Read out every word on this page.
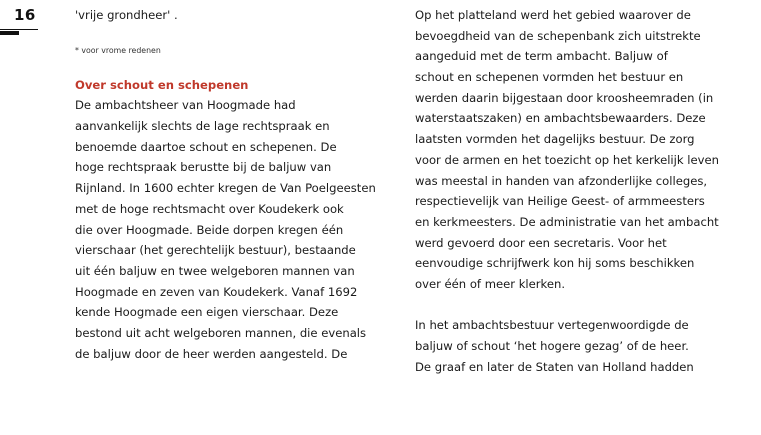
16	'vrije grondheer' .
* voor vrome redenen
Over schout en schepenen
De ambachtsheer van Hoogmade had
aanvankelijk slechts de lage rechtspraak en
benoemde daartoe schout en schepenen. De
hoge rechtspraak berustte bij de baljuw van
Rijnland. In 1600 echter kregen de Van Poelgeesten
met de hoge rechtsmacht over Koudekerk ook
die over Hoogmade. Beide dorpen kregen één
vierschaar (het gerechtelijk bestuur), bestaande
uit één baljuw en twee welgeboren mannen van
Hoogmade en zeven van Koudekerk. Vanaf 1692
kende Hoogmade een eigen vierschaar. Deze
bestond uit acht welgeboren mannen, die evenals
de baljuw door de heer werden aangesteld. De
Op het platteland werd het gebied waarover de
bevoegdheid van de schepenbank zich uitstrekte
aangeduid met de term ambacht. Baljuw of
schout en schepenen vormden het bestuur en
werden daarin bijgestaan door kroosheemraden (in
waterstaatszaken) en ambachtsbewaarders. Deze
laatsten vormden het dagelijks bestuur. De zorg
voor de armen en het toezicht op het kerkelijk leven
was meestal in handen van afzonderlijke colleges,
respectievelijk van Heilige Geest- of armmeesters
en kerkmeesters. De administratie van het ambacht
werd gevoerd door een secretaris. Voor het
eenvoudige schrijfwerk kon hij soms beschikken
over één of meer klerken.
In het ambachtsbestuur vertegenwoordigde de
baljuw of schout ‘het hogere gezag’ of de heer.
De graaf en later de Staten van Holland hadden
